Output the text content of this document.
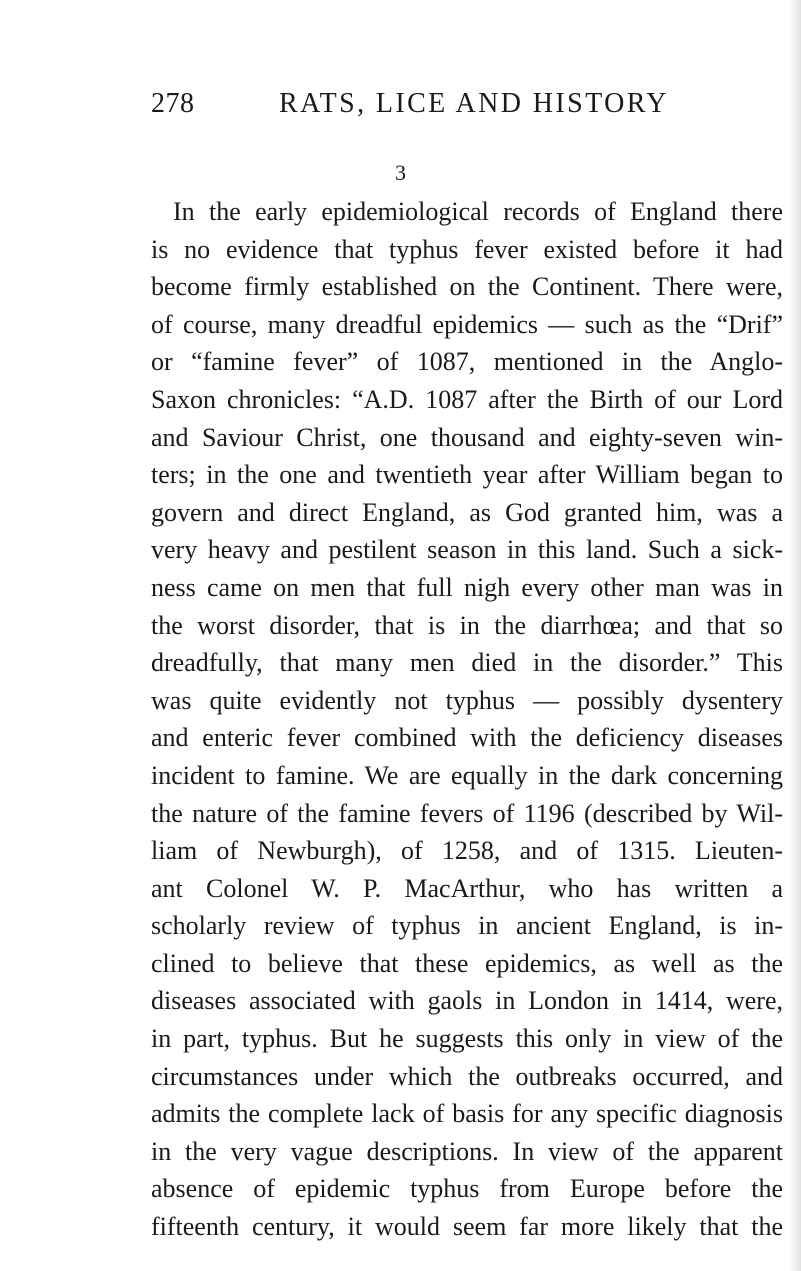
278	RATS, LICE AND HISTORY
3
In the early epidemiological records of England there
is no evidence that typhus fever existed before it had
become firmly established on the Continent. There were,
of course, many dreadful epidemics — such as the “Drif”
or “famine fever” of 1087, mentioned in the Anglo-
Saxon chronicles: “A.D. 1087 after the Birth of our Lord
and Saviour Christ, one thousand and eighty-seven win-
ters; in the one and twentieth year after William began to
govern and direct England, as God granted him, was a
very heavy and pestilent season in this land. Such a sick-
ness came on men that full nigh every other man was in
the worst disorder, that is in the diarrhœa; and that so
dreadfully, that many men died in the disorder.” This
was quite evidently not typhus — possibly dysentery
and enteric fever combined with the deficiency diseases
incident to famine. We are equally in the dark concerning
the nature of the famine fevers of 1196 (described by Wil-
liam of Newburgh), of 1258, and of 1315. Lieuten-
ant Colonel W. P. MacArthur, who has written a
scholarly review of typhus in ancient England, is in-
clined to believe that these epidemics, as well as the
diseases associated with gaols in London in 1414, were,
in part, typhus. But he suggests this only in view of the
circumstances under which the outbreaks occurred, and
admits the complete lack of basis for any specific diagnosis
in the very vague descriptions. In view of the apparent
absence of epidemic typhus from Europe before the
fifteenth century, it would seem far more likely that the
